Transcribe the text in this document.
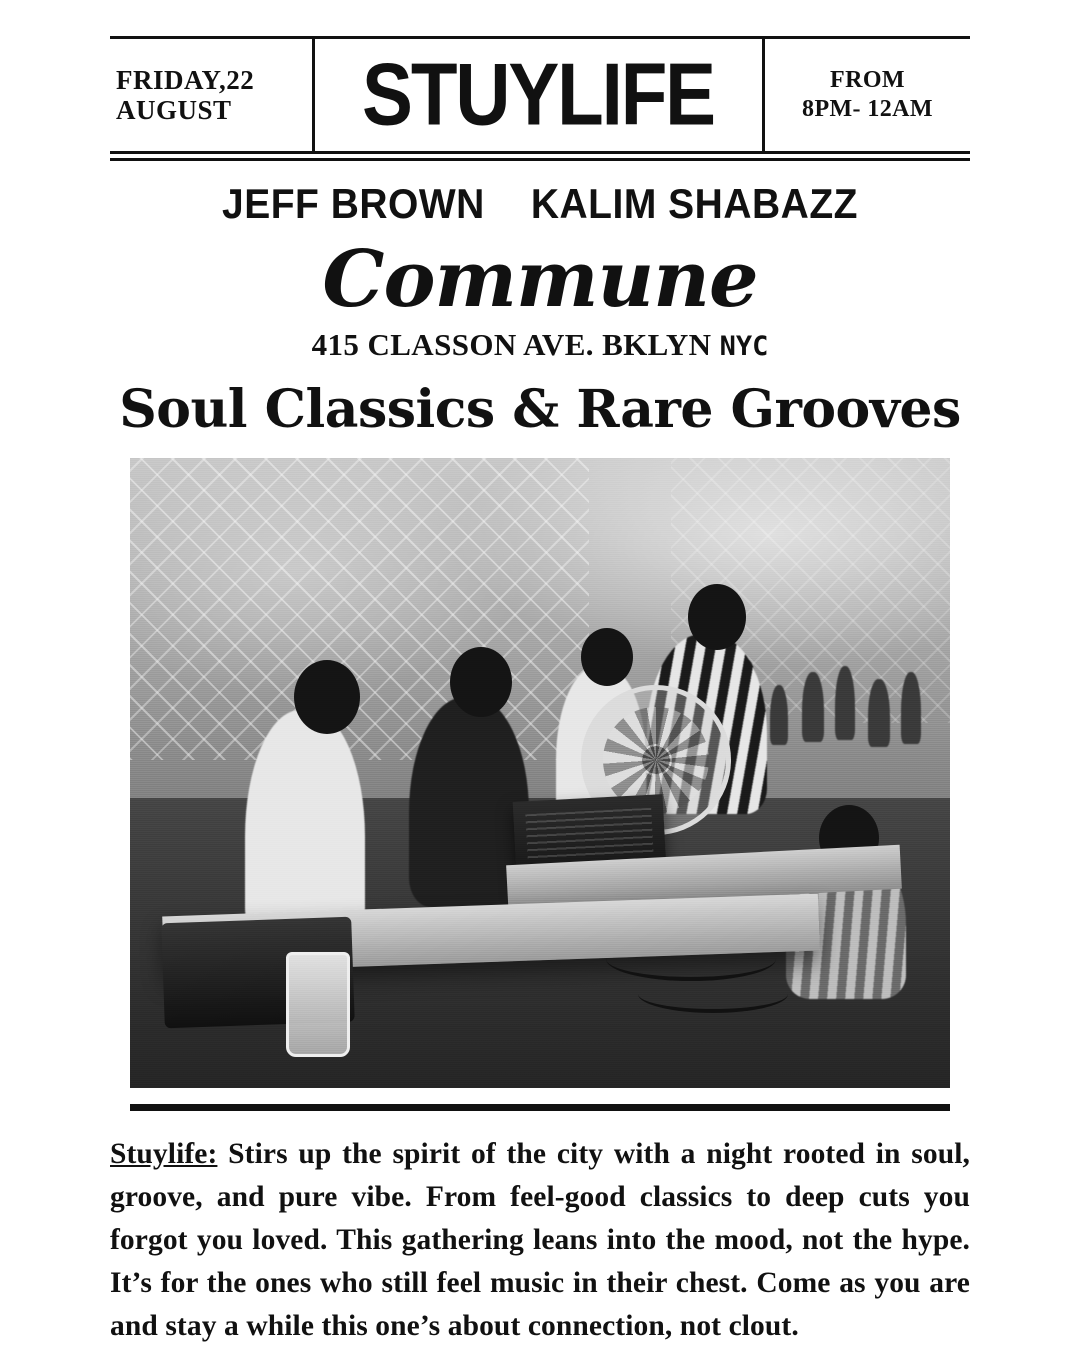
FRIDAY,22
AUGUST	STUYLIFE	FROM
8PM- 12AM
JEFF BROWN KALIM SHABAZZ
Commune
415 CLASSON AVE. BKLYN NYC
Soul Classics & Rare Grooves

Stuylife: Stirs up the spirit of the city with a night rooted in soul, groove, and pure vibe. From feel-good classics to deep cuts you forgot you loved. This gathering leans into the mood, not the hype. It’s for the ones who still feel music in their chest. Come as you are and stay a while this one’s about connection, not clout.
